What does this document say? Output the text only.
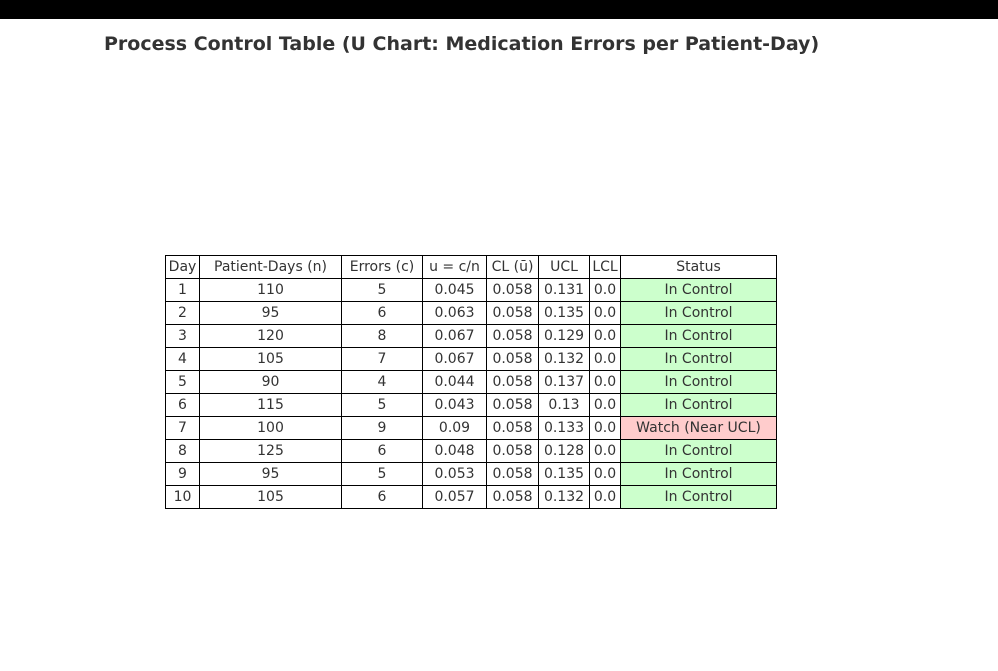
Process Control Table (U Chart: Medication Errors per Patient-Day)
Day	Patient-Days (n)	Errors (c)	u = c/n	CL (ū)	UCL	LCL	Status
1	110	5	0.045	0.058	0.131	0.0	In Control
2	95	6	0.063	0.058	0.135	0.0	In Control
3	120	8	0.067	0.058	0.129	0.0	In Control
4	105	7	0.067	0.058	0.132	0.0	In Control
5	90	4	0.044	0.058	0.137	0.0	In Control
6	115	5	0.043	0.058	0.13	0.0	In Control
7	100	9	0.09	0.058	0.133	0.0	Watch (Near UCL)
8	125	6	0.048	0.058	0.128	0.0	In Control
9	95	5	0.053	0.058	0.135	0.0	In Control
10	105	6	0.057	0.058	0.132	0.0	In Control
